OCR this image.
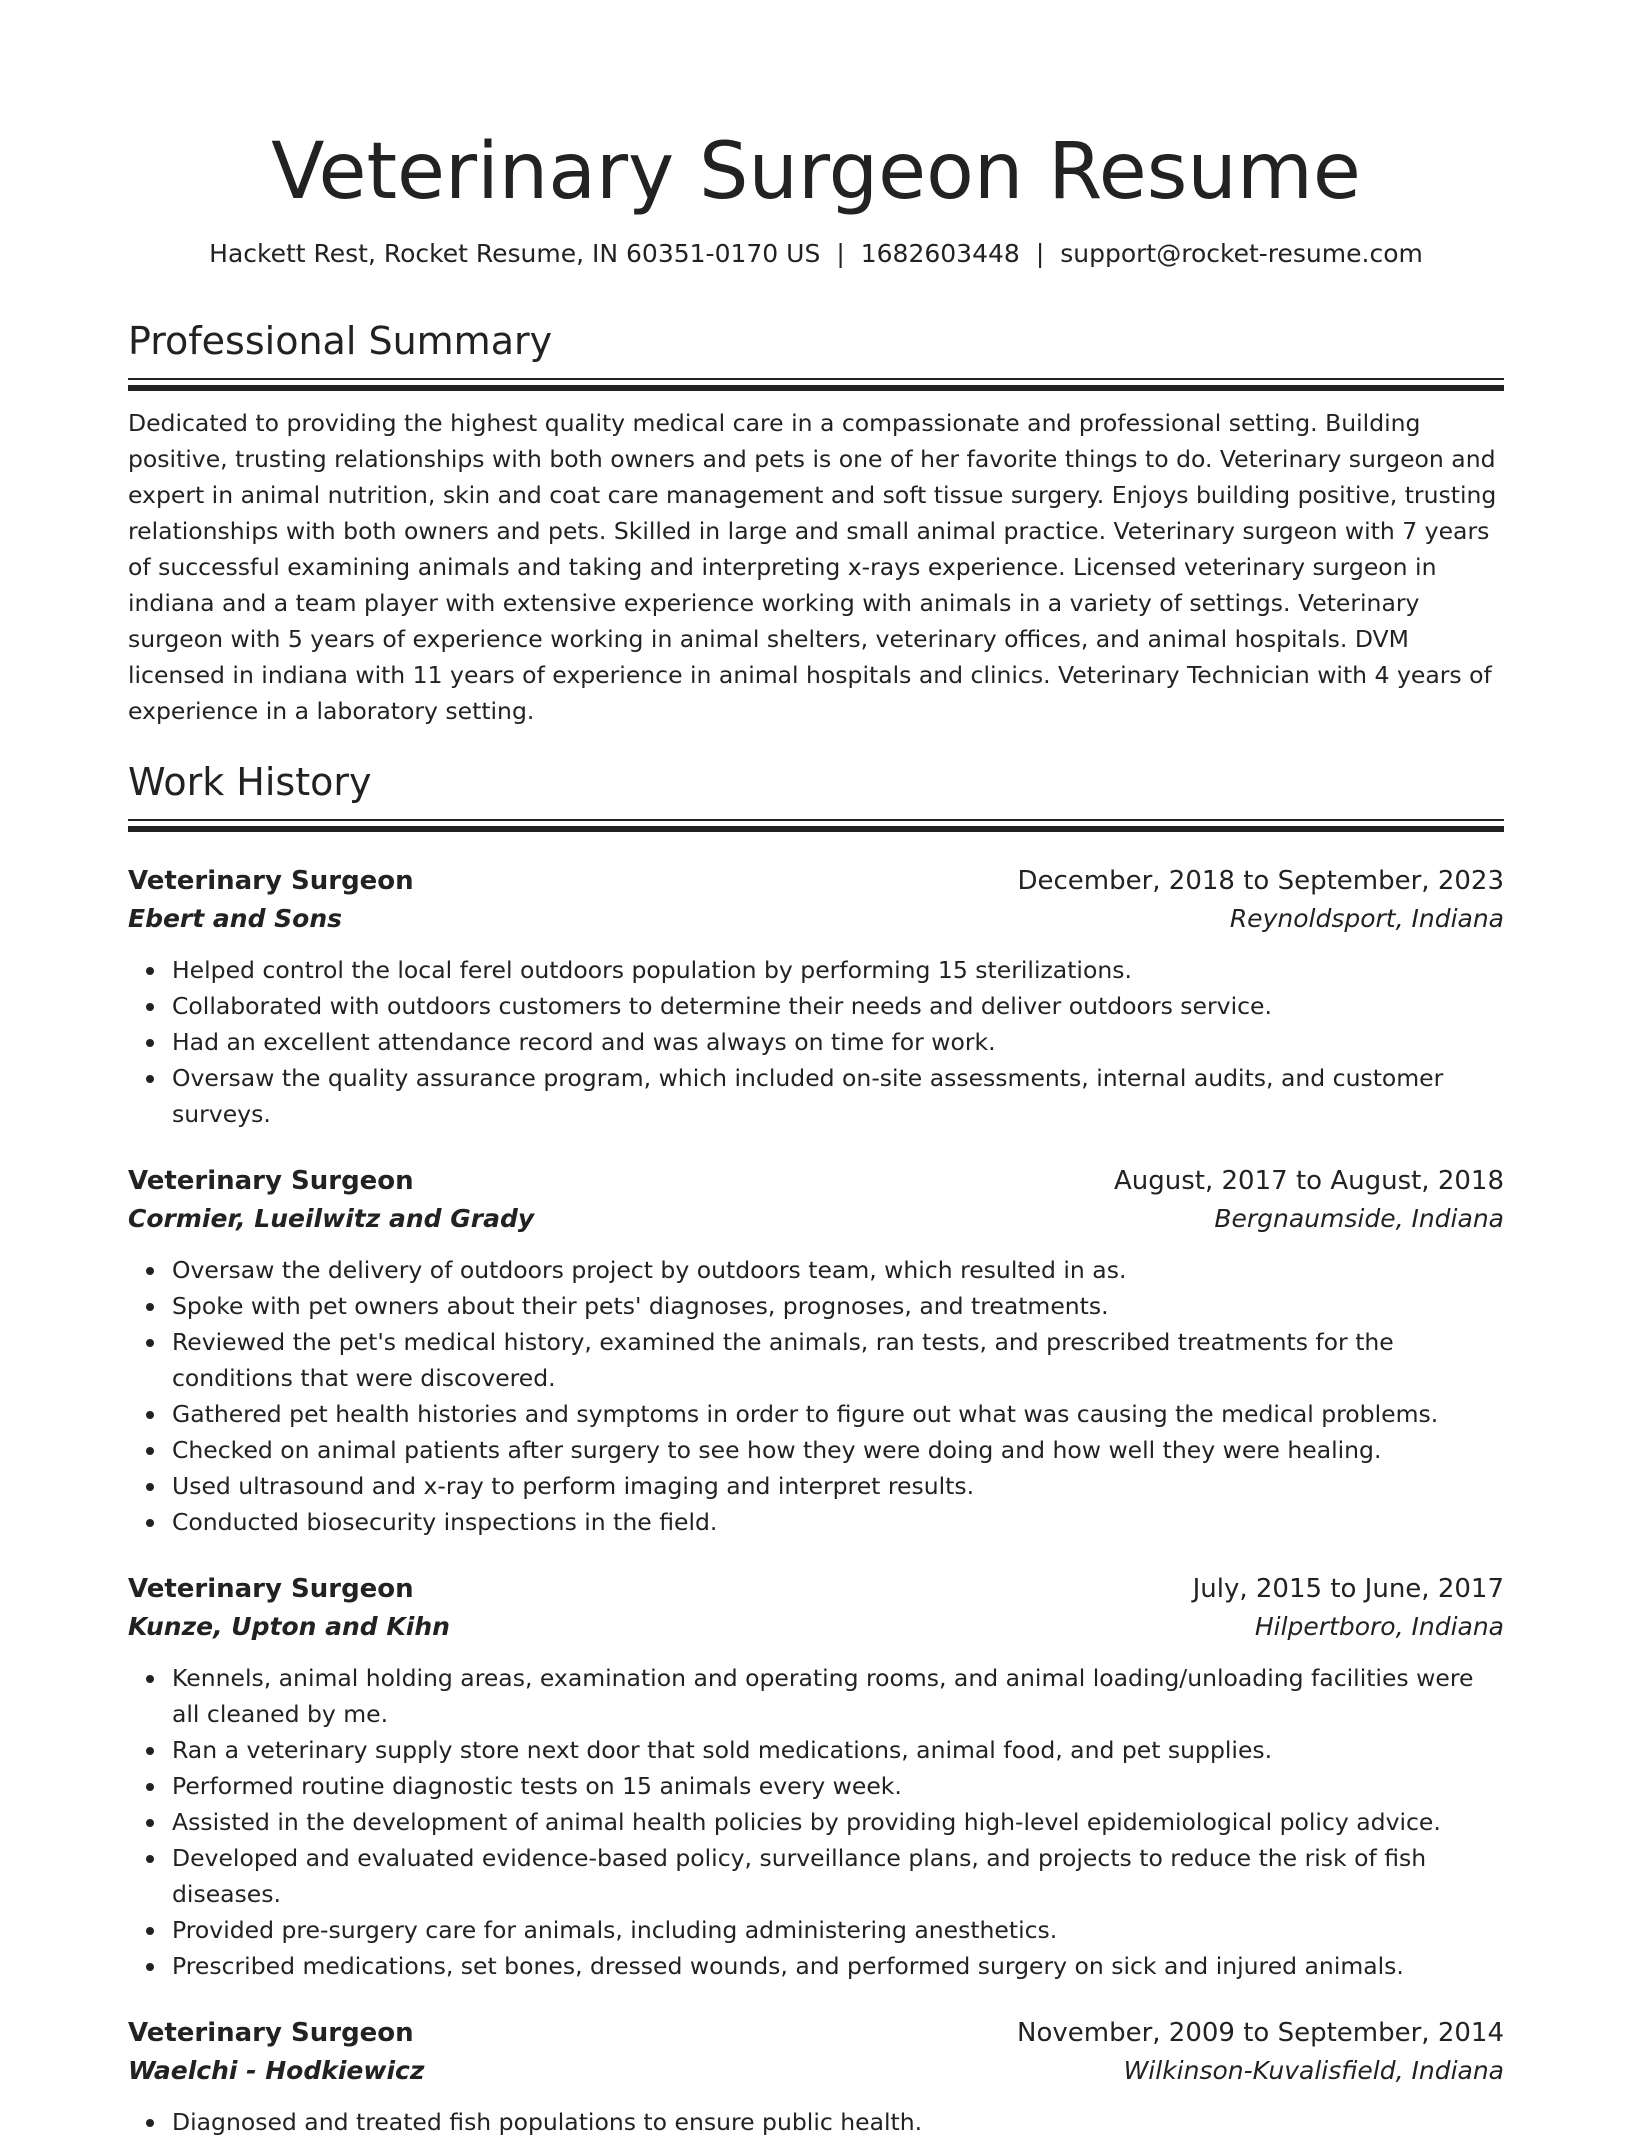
Veterinary Surgeon Resume
Hackett Rest, Rocket Resume, IN 60351-0170 US | 1682603448 | support@rocket-resume.com
Professional Summary

Dedicated to providing the highest quality medical care in a compassionate and professional setting. Building positive, trusting relationships with both owners and pets is one of her favorite things to do. Veterinary surgeon and expert in animal nutrition, skin and coat care management and soft tissue surgery. Enjoys building positive, trusting relationships with both owners and pets. Skilled in large and small animal practice. Veterinary surgeon with 7 years of successful examining animals and taking and interpreting x-rays experience. Licensed veterinary surgeon in indiana and a team player with extensive experience working with animals in a variety of settings. Veterinary surgeon with 5 years of experience working in animal shelters, veterinary offices, and animal hospitals. DVM licensed in indiana with 11 years of experience in animal hospitals and clinics. Veterinary Technician with 4 years of experience in a laboratory setting.

Work History
Veterinary Surgeon	December, 2018 to September, 2023
Ebert and Sons	Reynoldsport, Indiana
Helped control the local ferel outdoors population by performing 15 sterilizations.
Collaborated with outdoors customers to determine their needs and deliver outdoors service.
Had an excellent attendance record and was always on time for work.
Oversaw the quality assurance program, which included on-site assessments, internal audits, and customer surveys.
Veterinary Surgeon	August, 2017 to August, 2018
Cormier, Lueilwitz and Grady	Bergnaumside, Indiana
Oversaw the delivery of outdoors project by outdoors team, which resulted in as.
Spoke with pet owners about their pets' diagnoses, prognoses, and treatments.
Reviewed the pet's medical history, examined the animals, ran tests, and prescribed treatments for the conditions that were discovered.
Gathered pet health histories and symptoms in order to figure out what was causing the medical problems.
Checked on animal patients after surgery to see how they were doing and how well they were healing.
Used ultrasound and x-ray to perform imaging and interpret results.
Conducted biosecurity inspections in the field.
Veterinary Surgeon	July, 2015 to June, 2017
Kunze, Upton and Kihn	Hilpertboro, Indiana
Kennels, animal holding areas, examination and operating rooms, and animal loading/unloading facilities were all cleaned by me.
Ran a veterinary supply store next door that sold medications, animal food, and pet supplies.
Performed routine diagnostic tests on 15 animals every week.
Assisted in the development of animal health policies by providing high-level epidemiological policy advice.
Developed and evaluated evidence-based policy, surveillance plans, and projects to reduce the risk of fish diseases.
Provided pre-surgery care for animals, including administering anesthetics.
Prescribed medications, set bones, dressed wounds, and performed surgery on sick and injured animals.
Veterinary Surgeon	November, 2009 to September, 2014
Waelchi - Hodkiewicz	Wilkinson-Kuvalisfield, Indiana
Diagnosed and treated fish populations to ensure public health.
